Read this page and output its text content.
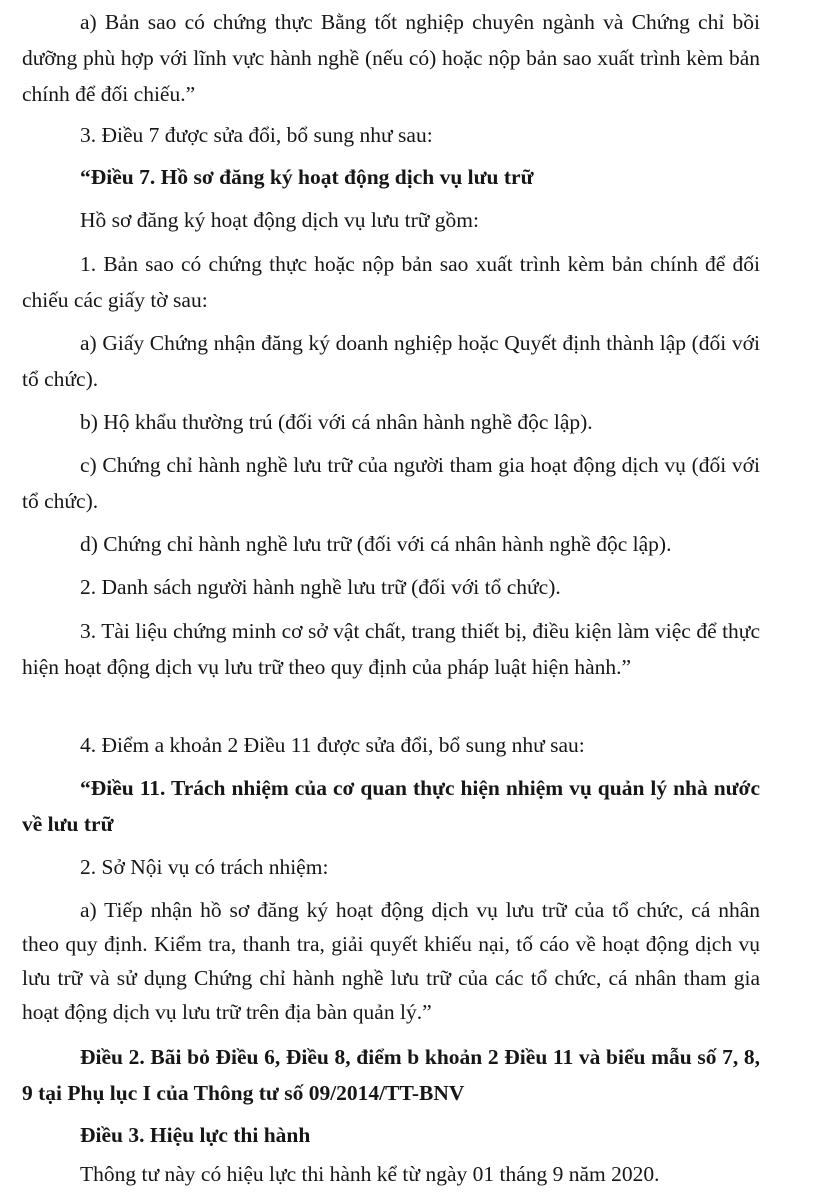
a) Bản sao có chứng thực Bằng tốt nghiệp chuyên ngành và Chứng chỉ bồi dưỡng phù hợp với lĩnh vực hành nghề (nếu có) hoặc nộp bản sao xuất trình kèm bản chính để đối chiếu.”

3. Điều 7 được sửa đổi, bổ sung như sau:

“Điều 7. Hồ sơ đăng ký hoạt động dịch vụ lưu trữ

Hồ sơ đăng ký hoạt động dịch vụ lưu trữ gồm:

1. Bản sao có chứng thực hoặc nộp bản sao xuất trình kèm bản chính để đối chiếu các giấy tờ sau:

a) Giấy Chứng nhận đăng ký doanh nghiệp hoặc Quyết định thành lập (đối với tổ chức).

b) Hộ khẩu thường trú (đối với cá nhân hành nghề độc lập).

c) Chứng chỉ hành nghề lưu trữ của người tham gia hoạt động dịch vụ (đối với tổ chức).

d) Chứng chỉ hành nghề lưu trữ (đối với cá nhân hành nghề độc lập).

2. Danh sách người hành nghề lưu trữ (đối với tổ chức).

3. Tài liệu chứng minh cơ sở vật chất, trang thiết bị, điều kiện làm việc để thực hiện hoạt động dịch vụ lưu trữ theo quy định của pháp luật hiện hành.”

4. Điểm a khoản 2 Điều 11 được sửa đổi, bổ sung như sau:

“Điều 11. Trách nhiệm của cơ quan thực hiện nhiệm vụ quản lý nhà nước về lưu trữ

2. Sở Nội vụ có trách nhiệm:

a) Tiếp nhận hồ sơ đăng ký hoạt động dịch vụ lưu trữ của tổ chức, cá nhân theo quy định. Kiểm tra, thanh tra, giải quyết khiếu nại, tố cáo về hoạt động dịch vụ lưu trữ và sử dụng Chứng chỉ hành nghề lưu trữ của các tổ chức, cá nhân tham gia hoạt động dịch vụ lưu trữ trên địa bàn quản lý.”

Điều 2. Bãi bỏ Điều 6, Điều 8, điểm b khoản 2 Điều 11 và biểu mẫu số 7, 8, 9 tại Phụ lục I của Thông tư số 09/2014/TT-BNV

Điều 3. Hiệu lực thi hành

Thông tư này có hiệu lực thi hành kể từ ngày 01 tháng 9 năm 2020.
